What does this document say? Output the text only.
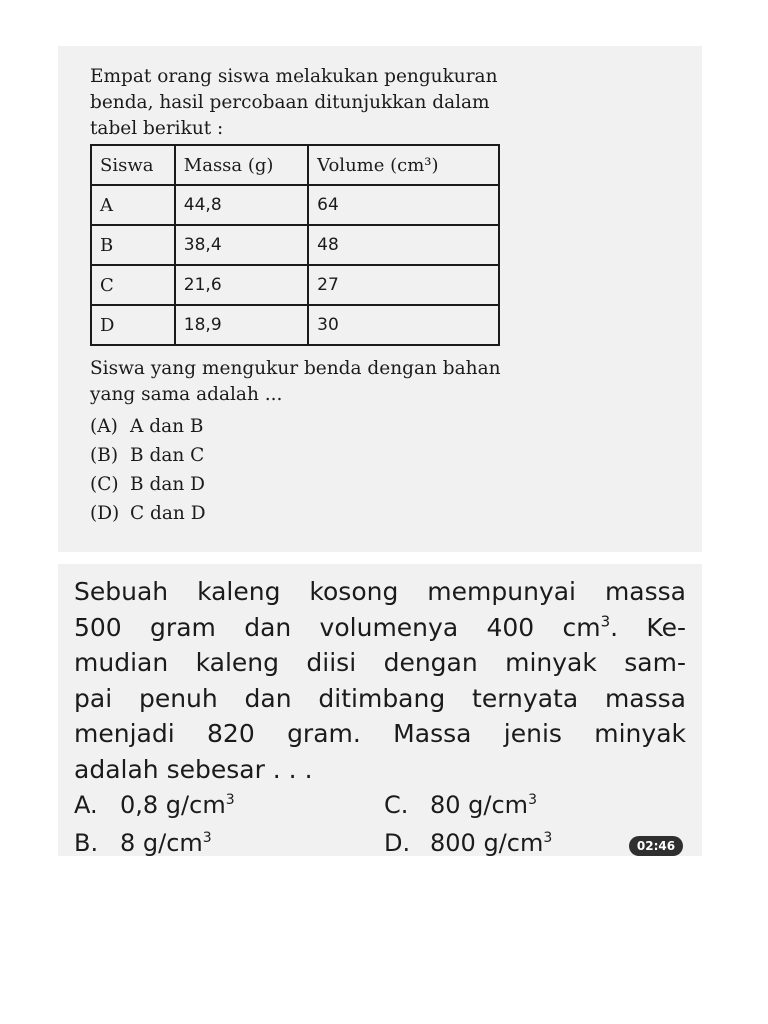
Empat orang siswa melakukan pengukuran
benda, hasil percobaan ditunjukkan dalam
tabel berikut :

Siswa	Massa (g)	Volume (cm³)
A	44,8	64
B	38,4	48
C	21,6	27
D	18,9	30

Siswa yang mengukur benda dengan bahan
yang sama adalah ...

(A) A dan B
(B) B dan C
(C) B dan D
(D) C dan D

Sebuah kaleng kosong mempunyai massa
500 gram dan volumenya 400 $cm^3$. Ke-
mudian kaleng diisi dengan minyak sam-
pai penuh dan ditimbang ternyata massa
menjadi 820 gram. Massa jenis minyak
adalah sebesar . . .

A. 0,8 $g/cm^3$
B. 8 $g/cm^3$
C. 80 $g/cm^3$
D. 800 $g/cm^3$	02:46
